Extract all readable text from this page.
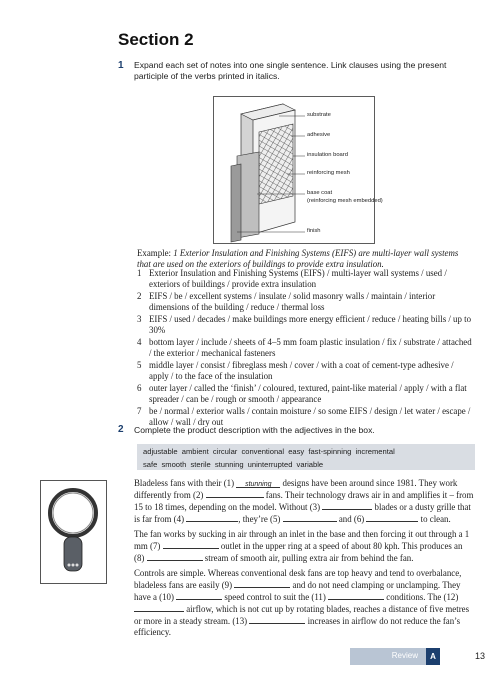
Section 2
1 Expand each set of notes into one single sentence. Link clauses using the present participle of the verbs printed in italics.
substrate
adhesive
insulation board
reinforcing mesh
base coat
(reinforcing mesh embedded)
finish
Example: 1 Exterior Insulation and Finishing Systems (EIFS) are multi-layer wall systems that are used on the exteriors of buildings to provide extra insulation.
1 Exterior Insulation and Finishing Systems (EIFS) / multi-layer wall systems / used / exteriors of buildings / provide extra insulation
2 EIFS / be / excellent systems / insulate / solid masonry walls / maintain / interior dimensions of the building / reduce / thermal loss
3 EIFS / used / decades / make buildings more energy efficient / reduce / heating bills / up to 30%
4 bottom layer / include / sheets of 4–5 mm foam plastic insulation / fix / substrate / attached / the exterior / mechanical fasteners
5 middle layer / consist / fibreglass mesh / cover / with a coat of cement-type adhesive / apply / to the face of the insulation
6 outer layer / called the ‘finish’ / coloured, textured, paint-like material / apply / with a flat spreader / can be / rough or smooth / appearance
7 be / normal / exterior walls / contain moisture / so some EIFS / design / let water / escape / allow / wall / dry out
2 Complete the product description with the adjectives in the box.

adjustable ambient circular conventional easy fast-spinning incremental

safe smooth sterile stunning uninterrupted variable

Bladeless fans with their (1) stunning designs have been around since 1981. They work differently from (2)	fans. Their technology draws air in and amplifies it – from 15 to 18 times, depending on the model. Without (3)	blades or a dusty grille that is far from (4)	, they’re (5)	and (6)	to clean.

The fan works by sucking in air through an inlet in the base and then forcing it out through a 1 mm (7)	outlet in the upper ring at a speed of about 80 kph. This produces an (8)	stream of smooth air, pulling extra air from behind the fan.

Controls are simple. Whereas conventional desk fans are top heavy and tend to overbalance, bladeless fans are easily (9)	and do not need clamping or unclamping. They have a (10)	speed control to suit the (11)	conditions. The (12)  airflow, which is not cut up by rotating blades, reaches a distance of five metres or more in a steady stream. (13)	increases in airflow do not reduce the fan’s efficiency.

Review	A	13
